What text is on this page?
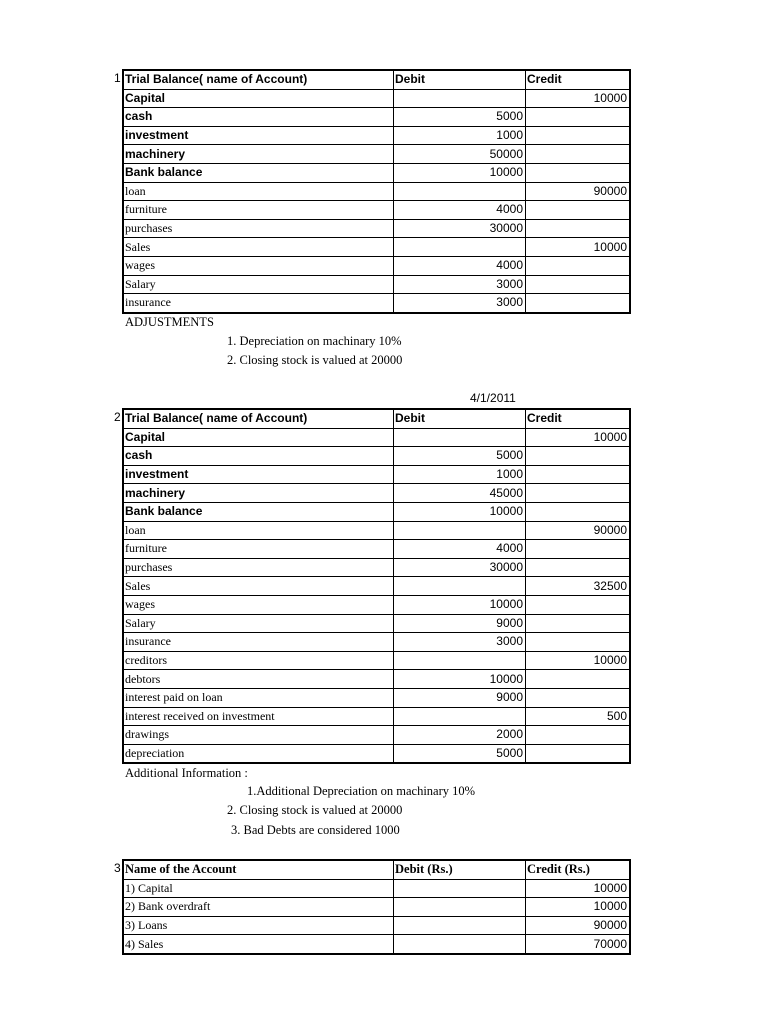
1 Trial Balance( name of Account)	Debit	Credit
Capital		10000
cash	5000	
investment	1000	
machinery	50000	
Bank balance	10000	
loan		90000
furniture	4000	
purchases	30000	
Sales		10000
wages	4000	
Salary	3000	
insurance	3000	
ADJUSTMENTS
1. Depreciation on machinary 10%
2. Closing stock is valued at 20000
4/1/2011
2 Trial Balance( name of Account)	Debit	Credit
Capital		10000
cash	5000	
investment	1000	
machinery	45000	
Bank balance	10000	
loan		90000
furniture	4000	
purchases	30000	
Sales		32500
wages	10000	
Salary	9000	
insurance	3000	
creditors		10000
debtors	10000	
interest paid on loan	9000	
interest received on investment		500
drawings	2000	
depreciation	5000	
Additional Information :
1.Additional Depreciation on machinary 10%
2. Closing stock is valued at 20000
3. Bad Debts are considered 1000
3 Name of the Account	Debit (Rs.)	Credit (Rs.)
1) Capital		10000
2) Bank overdraft		10000
3) Loans		90000
4) Sales		70000
